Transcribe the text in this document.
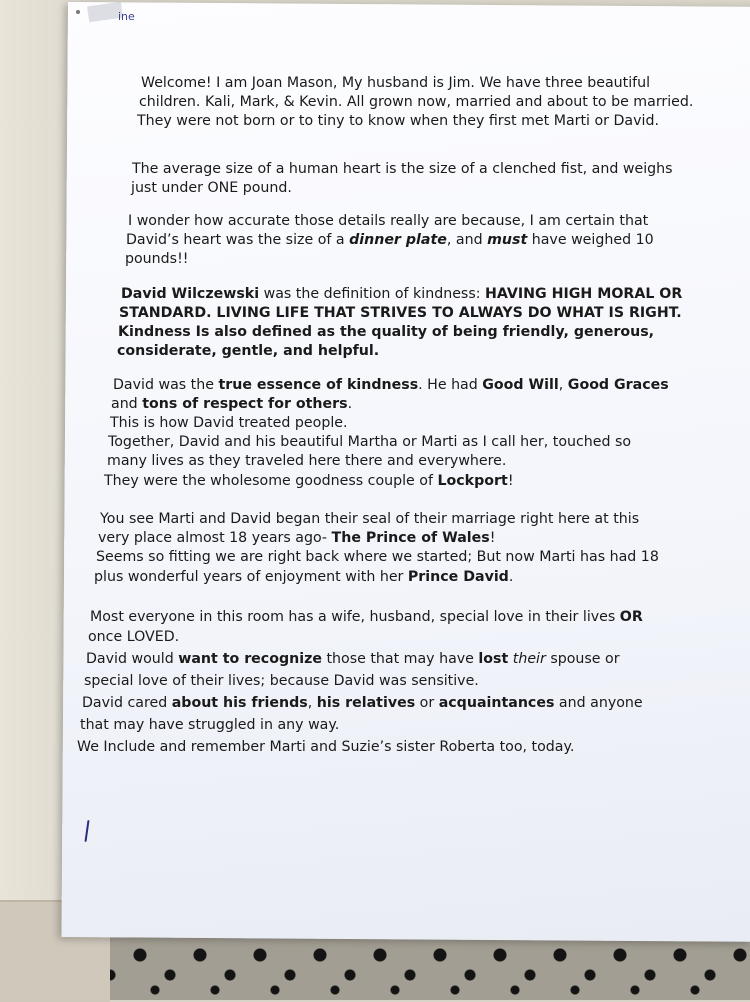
ine
Welcome! I am Joan Mason, My husband is Jim. We have three beautiful
children. Kali, Mark, & Kevin. All grown now, married and about to be married.
They were not born or to tiny to know when they first met Marti or David.
The average size of a human heart is the size of a clenched fist, and weighs
just under ONE pound.
I wonder how accurate those details really are because, I am certain that
David’s heart was the size of a dinner plate, and must have weighed 10
pounds!!
David Wilczewski was the definition of kindness: HAVING HIGH MORAL OR
STANDARD. LIVING LIFE THAT STRIVES TO ALWAYS DO WHAT IS RIGHT.
Kindness Is also defined as the quality of being friendly, generous,
considerate, gentle, and helpful.
David was the true essence of kindness. He had Good Will, Good Graces
and tons of respect for others.
This is how David treated people.
Together, David and his beautiful Martha or Marti as I call her, touched so
many lives as they traveled here there and everywhere.
They were the wholesome goodness couple of Lockport!
You see Marti and David began their seal of their marriage right here at this
very place almost 18 years ago- The Prince of Wales!
Seems so fitting we are right back where we started; But now Marti has had 18
plus wonderful years of enjoyment with her Prince David.
Most everyone in this room has a wife, husband, special love in their lives OR
once LOVED.
David would want to recognize those that may have lost their spouse or
special love of their lives; because David was sensitive.
David cared about his friends, his relatives or acquaintances and anyone
that may have struggled in any way.
We Include and remember Marti and Suzie’s sister Roberta too, today.
